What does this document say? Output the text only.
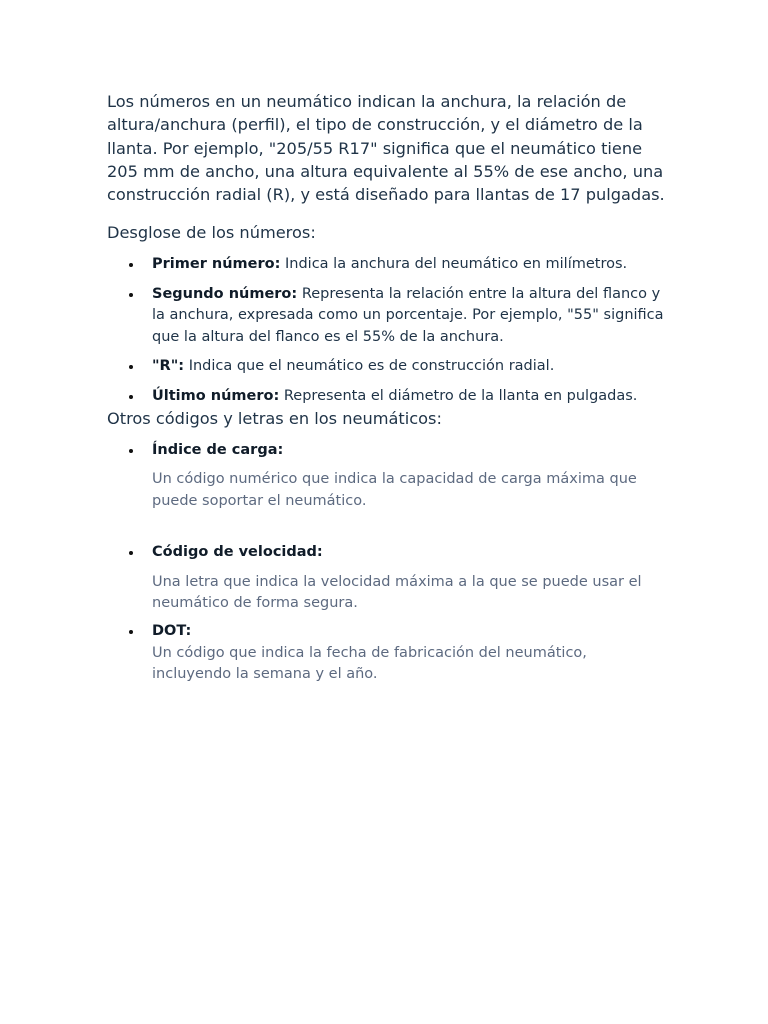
Los números en un neumático indican la anchura, la relación de altura/anchura (perfil), el tipo de construcción, y el diámetro de la llanta. Por ejemplo, "205/55 R17" significa que el neumático tiene 205 mm de ancho, una altura equivalente al 55% de ese ancho, una construcción radial (R), y está diseñado para llantas de 17 pulgadas.

Desglose de los números:

Primer número: Indica la anchura del neumático en milímetros.
Segundo número: Representa la relación entre la altura del flanco y la anchura, expresada como un porcentaje. Por ejemplo, "55" significa que la altura del flanco es el 55% de la anchura.
"R": Indica que el neumático es de construcción radial.
Último número: Representa el diámetro de la llanta en pulgadas.

Otros códigos y letras en los neumáticos:

Índice de carga:
Un código numérico que indica la capacidad de carga máxima que puede soportar el neumático.
Código de velocidad:
Una letra que indica la velocidad máxima a la que se puede usar el neumático de forma segura.
DOT:
Un código que indica la fecha de fabricación del neumático, incluyendo la semana y el año.
